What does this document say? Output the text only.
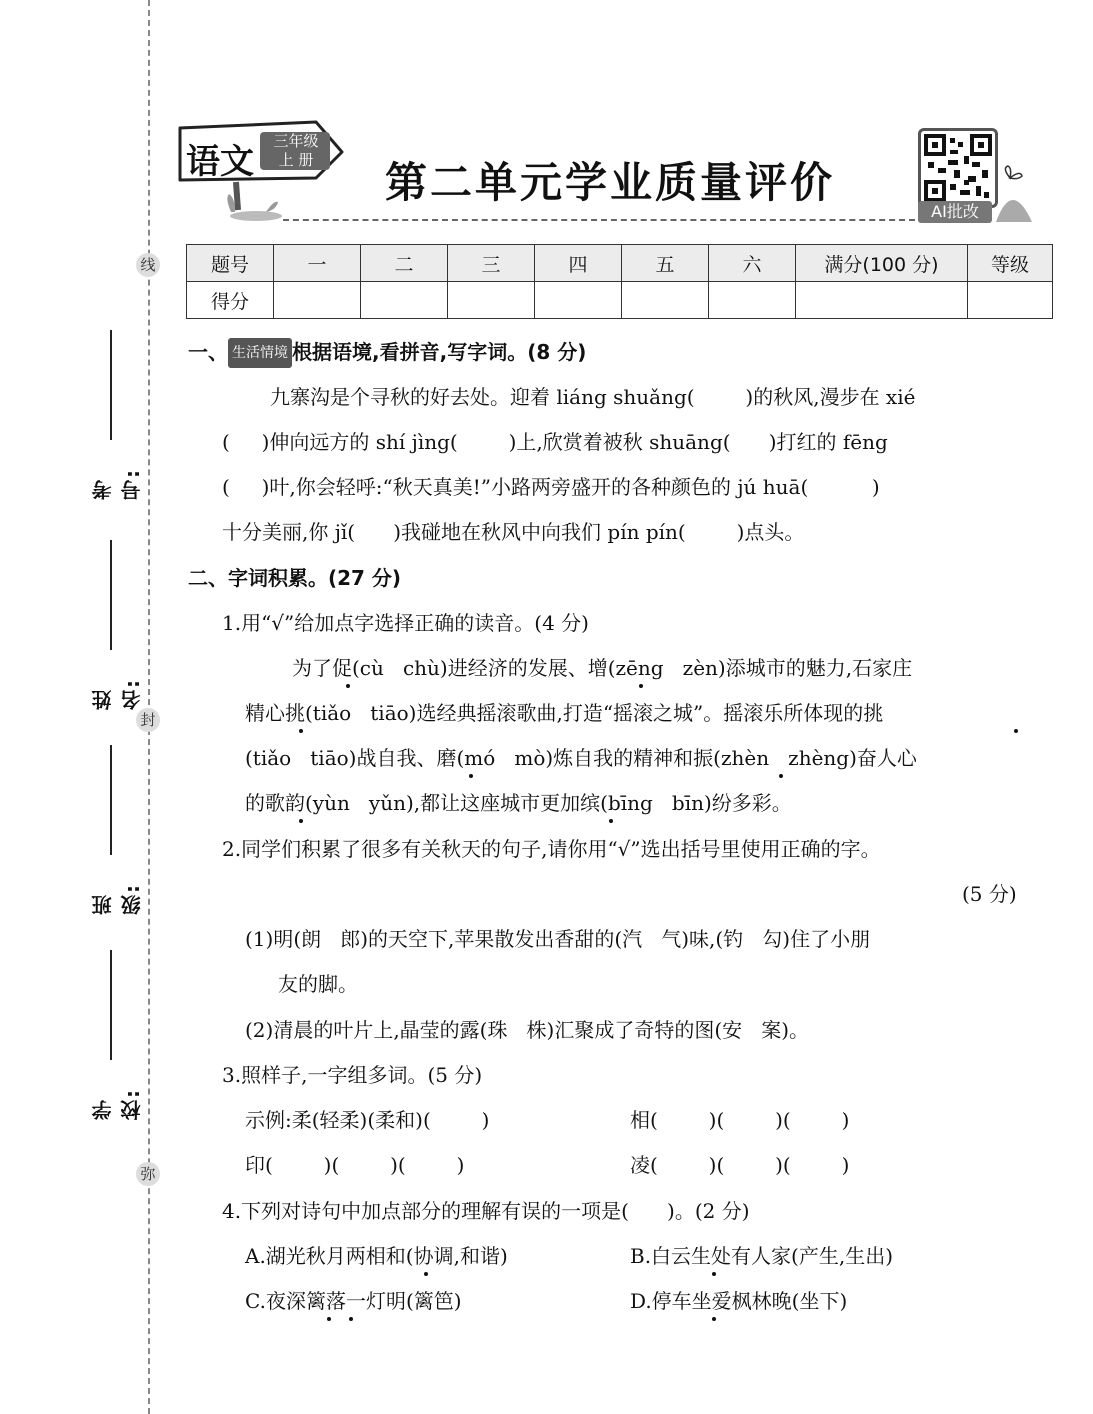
线
封
弥
考号:
姓名:
班级:
学校:
语文
三年级
上 册	第二单元学业质量评价
AI批改
题号	一	二	三	四	五	六	满分(100 分)	等级
得分								
一、 生活情境 根据语境,看拼音,写字词。(8 分)
九寨沟是个寻秋的好去处。迎着 liáng shuǎng(        )的秋风,漫步在 xié
(     )伸向远方的 shí jìng(        )上,欣赏着被秋 shuāng(      )打红的 fēng
(     )叶,你会轻呼:“秋天真美!”小路两旁盛开的各种颜色的 jú huā(          )
十分美丽,你 jǐ(      )我碰地在秋风中向我们 pín pín(        )点头。
二、字词积累。(27 分)
1.用“√”给加点字选择正确的读音。(4 分)
为了促(cù   chù)进经济的发展、增(zēng   zèn)添城市的魅力,石家庄
精心挑(tiǎo   tiāo)选经典摇滚歌曲,打造“摇滚之城”。摇滚乐所体现的挑
(tiǎo   tiāo)战自我、磨(mó   mò)炼自我的精神和振(zhèn   zhèng)奋人心
的歌韵(yùn   yǔn),都让这座城市更加缤(bīng   bīn)纷多彩。
2.同学们积累了很多有关秋天的句子,请你用“√”选出括号里使用正确的字。
(5 分)
(1)明(朗   郎)的天空下,苹果散发出香甜的(汽   气)味,(钓   勾)住了小朋
友的脚。
(2)清晨的叶片上,晶莹的露(珠   株)汇聚成了奇特的图(安   案)。
3.照样子,一字组多词。(5 分)
示例:柔(轻柔)(柔和)(        )	相(        )(        )(        )
印(        )(        )(        )	凌(        )(        )(        )
4.下列对诗句中加点部分的理解有误的一项是(      )。(2 分)
A.湖光秋月两相和(协调,和谐)	B.白云生处有人家(产生,生出)
C.夜深篱落一灯明(篱笆)	D.停车坐爱枫林晚(坐下)
